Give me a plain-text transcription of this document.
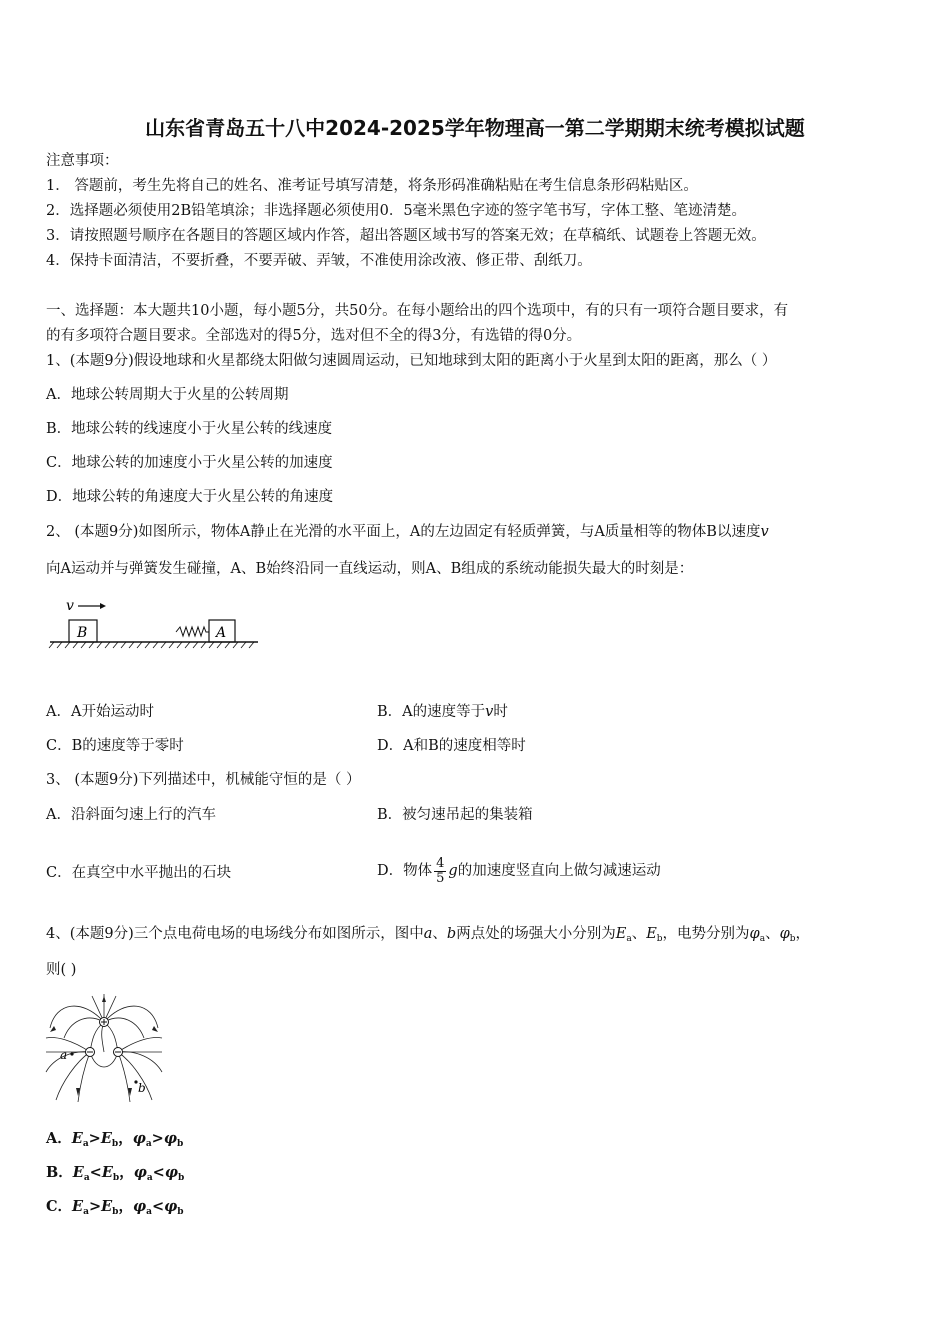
山东省青岛五十八中2024-2025学年物理高一第二学期期末统考模拟试题
注意事项：
1． 答题前，考生先将自己的姓名、准考证号填写清楚，将条形码准确粘贴在考生信息条形码粘贴区。
2．选择题必须使用2B铅笔填涂；非选择题必须使用0．5毫米黑色字迹的签字笔书写，字体工整、笔迹清楚。
3．请按照题号顺序在各题目的答题区域内作答，超出答题区域书写的答案无效；在草稿纸、试题卷上答题无效。
4．保持卡面清洁，不要折叠，不要弄破、弄皱，不准使用涂改液、修正带、刮纸刀。
一、选择题：本大题共10小题，每小题5分，共50分。在每小题给出的四个选项中，有的只有一项符合题目要求，有
的有多项符合题目要求。全部选对的得5分，选对但不全的得3分，有选错的得0分。
1、(本题9分)假设地球和火星都绕太阳做匀速圆周运动，已知地球到太阳的距离小于火星到太阳的距离，那么（ ）
A．地球公转周期大于火星的公转周期
B．地球公转的线速度小于火星公转的线速度
C．地球公转的加速度小于火星公转的加速度
D．地球公转的角速度大于火星公转的角速度
2、 (本题9分)如图所示，物体A静止在光滑的水平面上，A的左边固定有轻质弹簧，与A质量相等的物体B以速度v
向A运动并与弹簧发生碰撞，A、B始终沿同一直线运动，则A、B组成的系统动能损失最大的时刻是：
v
B	A
A．A开始运动时	B．A的速度等于v时
C．B的速度等于零时	D．A和B的速度相等时
3、 (本题9分)下列描述中，机械能守恒的是（ ）
A．沿斜面匀速上行的汽车	B．被匀速吊起的集装箱
C．在真空中水平抛出的石块	D．物体 $\frac{4}{5}$ g的加速度竖直向上做匀减速运动
4、(本题9分)三个点电荷电场的电场线分布如图所示，图中a、b两点处的场强大小分别为$E_a$、$E_b$，电势分别为$\varphi_a$、$\varphi_b$，
则( )
a
b
A．$E_a>E_b$，$\varphi_a>\varphi_b$
B．$E_a<E_b$，$\varphi_a<\varphi_b$
C．$E_a>E_b$，$\varphi_a<\varphi_b$
